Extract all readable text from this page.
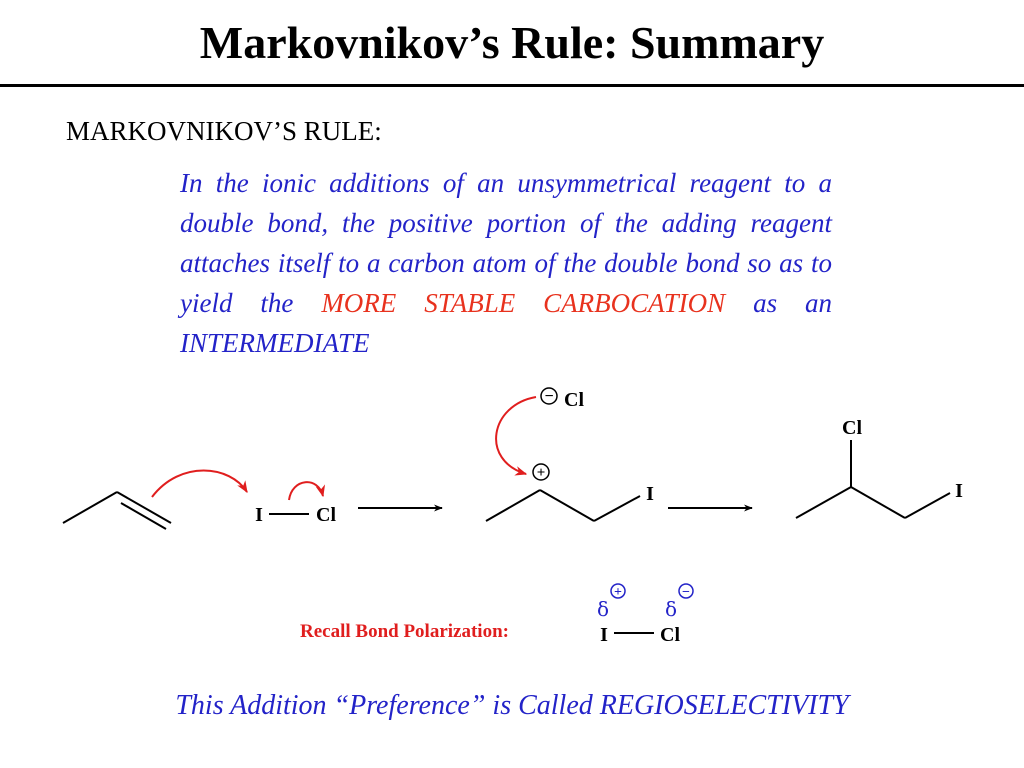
Markovnikov’s Rule: Summary
MARKOVNIKOV’S RULE:

In the ionic additions of an unsymmetrical reagent to a double bond, the positive portion of the adding reagent attaches itself to a carbon atom of the double bond so as to yield the MORE STABLE CARBOCATION as an INTERMEDIATE

I	Cl
− Cl
+
I
Cl
I
δ
+
δ
−
I	Cl
Recall Bond Polarization:
This Addition “Preference” is Called REGIOSELECTIVITY
